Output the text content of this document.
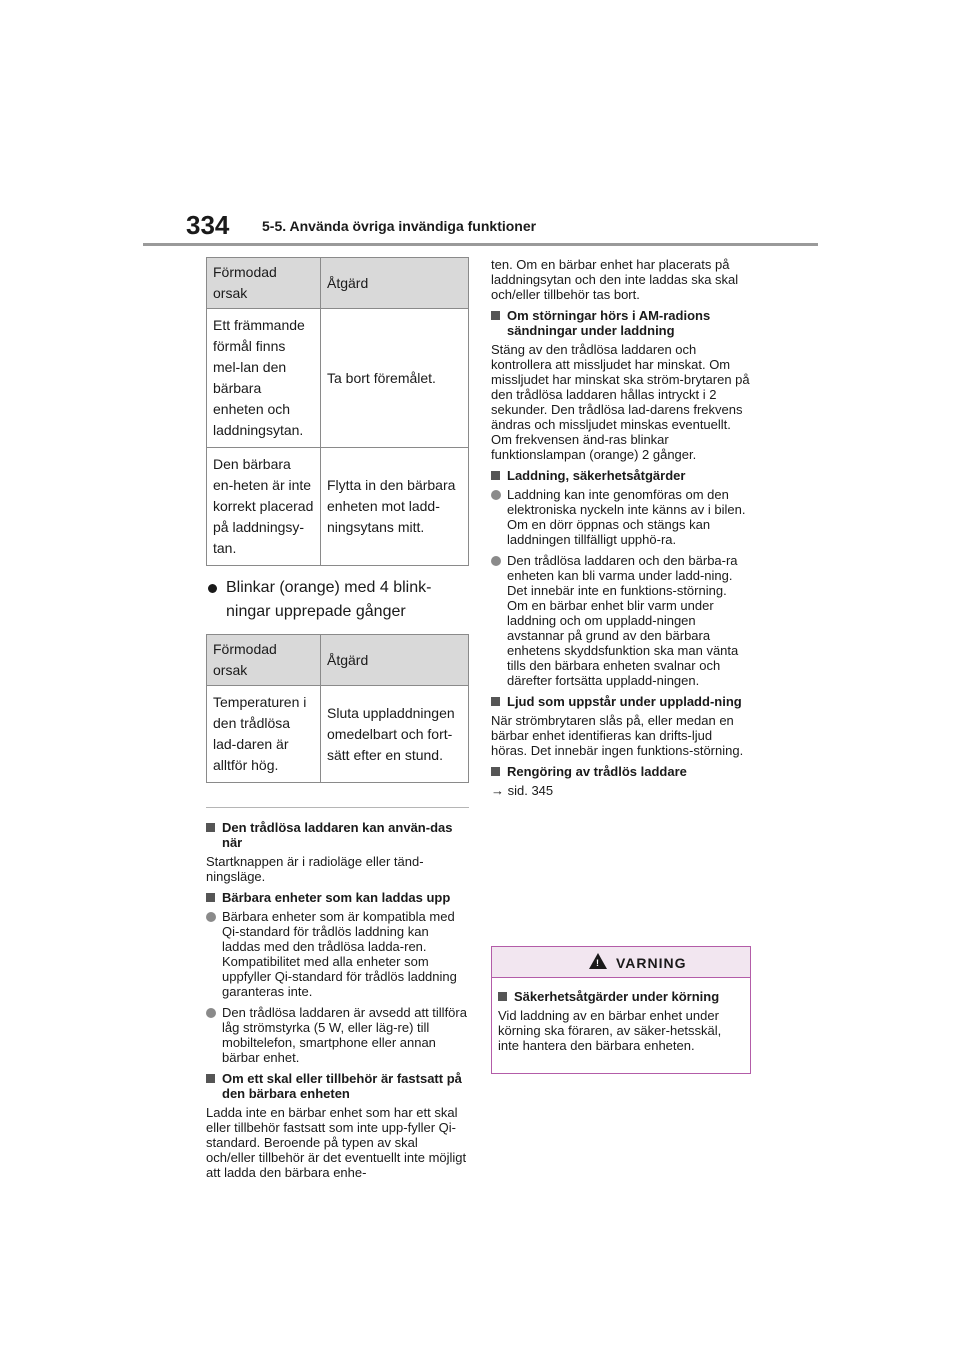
334 5-5. Använda övriga invändiga funktioner
Förmodad orsak	Åtgärd
Ett främmande förmål finns mel-lan den bärbara enheten och laddningsytan.	Ta bort föremålet.
Den bärbara en-heten är inte korrekt placerad på laddningsy-tan.	Flytta in den bärbara enheten mot ladd-ningsytans mitt.
Blinkar (orange) med 4 blink-ningar upprepade gånger
Förmodad orsak	Åtgärd
Temperaturen i den trådlösa lad-daren är alltför hög.	Sluta uppladdningen omedelbart och fort-sätt efter en stund.
Den trådlösa laddaren kan använ-das när
Startknappen är i radioläge eller tänd-ningsläge.
Bärbara enheter som kan laddas upp
Bärbara enheter som är kompatibla med Qi-standard för trådlös laddning kan laddas med den trådlösa ladda-ren. Kompatibilitet med alla enheter som uppfyller Qi-standard för trådlös laddning garanteras inte.
Den trådlösa laddaren är avsedd att tillföra låg strömstyrka (5 W, eller läg-re) till mobiltelefon, smartphone eller annan bärbar enhet.
Om ett skal eller tillbehör är fastsatt på den bärbara enheten
Ladda inte en bärbar enhet som har ett skal eller tillbehör fastsatt som inte upp-fyller Qi-standard. Beroende på typen av skal och/eller tillbehör är det eventuellt inte möjligt att ladda den bärbara enhe-
ten. Om en bärbar enhet har placerats på laddningsytan och den inte laddas ska skal och/eller tillbehör tas bort.
Om störningar hörs i AM-radions sändningar under laddning
Stäng av den trådlösa laddaren och kontrollera att missljudet har minskat. Om missljudet har minskat ska ström-brytaren på den trådlösa laddaren hållas intryckt i 2 sekunder. Den trådlösa lad-darens frekvens ändras och missljudet minskas eventuellt. Om frekvensen änd-ras blinkar funktionslampan (orange) 2 gånger.
Laddning, säkerhetsåtgärder
Laddning kan inte genomföras om den elektroniska nyckeln inte känns av i bilen. Om en dörr öppnas och stängs kan laddningen tillfälligt upphö-ra.
Den trådlösa laddaren och den bärba-ra enheten kan bli varma under ladd-ning. Det innebär inte en funktions-störning. Om en bärbar enhet blir varm under laddning och om uppladd-ningen avstannar på grund av den bärbara enhetens skyddsfunktion ska man vänta tills den bärbara enheten svalnar och därefter fortsätta uppladd-ningen.
Ljud som uppstår under uppladd-ning
När strömbrytaren slås på, eller medan en bärbar enhet identifieras kan drifts-ljud höras. Det innebär ingen funktions-störning.
Rengöring av trådlös laddare
→ sid. 345
! VARNING
Säkerhetsåtgärder under körning
Vid laddning av en bärbar enhet under körning ska föraren, av säker-hetsskäl, inte hantera den bärbara enheten.
